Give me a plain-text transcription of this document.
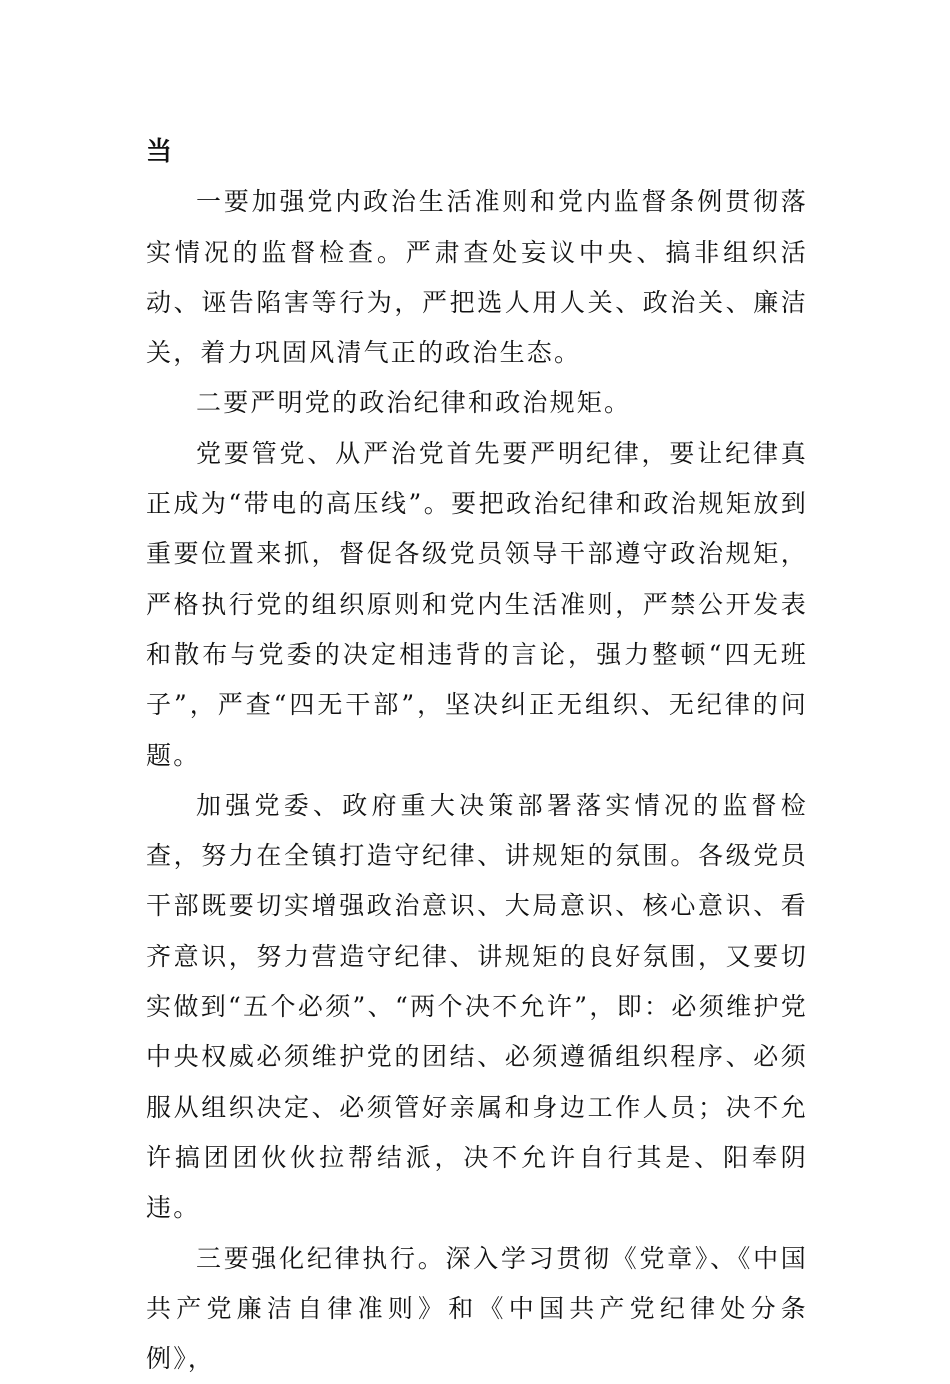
当

一要加强党内政治生活准则和党内监督条例贯彻落实情况的监督检查。严肃查处妄议中央、搞非组织活动、诬告陷害等行为，严把选人用人关、政治关、廉洁关，着力巩固风清气正的政治生态。

二要严明党的政治纪律和政治规矩。

党要管党、从严治党首先要严明纪律，要让纪律真正成为“带电的高压线”。要把政治纪律和政治规矩放到重要位置来抓，督促各级党员领导干部遵守政治规矩，严格执行党的组织原则和党内生活准则，严禁公开发表和散布与党委的决定相违背的言论，强力整顿“四无班子”，严查“四无干部”，坚决纠正无组织、无纪律的问题。

加强党委、政府重大决策部署落实情况的监督检查，努力在全镇打造守纪律、讲规矩的氛围。各级党员干部既要切实增强政治意识、大局意识、核心意识、看齐意识，努力营造守纪律、讲规矩的良好氛围，又要切实做到“五个必须”、“两个决不允许”，即：必须维护党中央权威必须维护党的团结、必须遵循组织程序、必须服从组织决定、必须管好亲属和身边工作人员；决不允许搞团团伙伙拉帮结派，决不允许自行其是、阳奉阴违。

三要强化纪律执行。深入学习贯彻《党章》、《中国共产党廉洁自律准则》和《中国共产党纪律处分条例》，
